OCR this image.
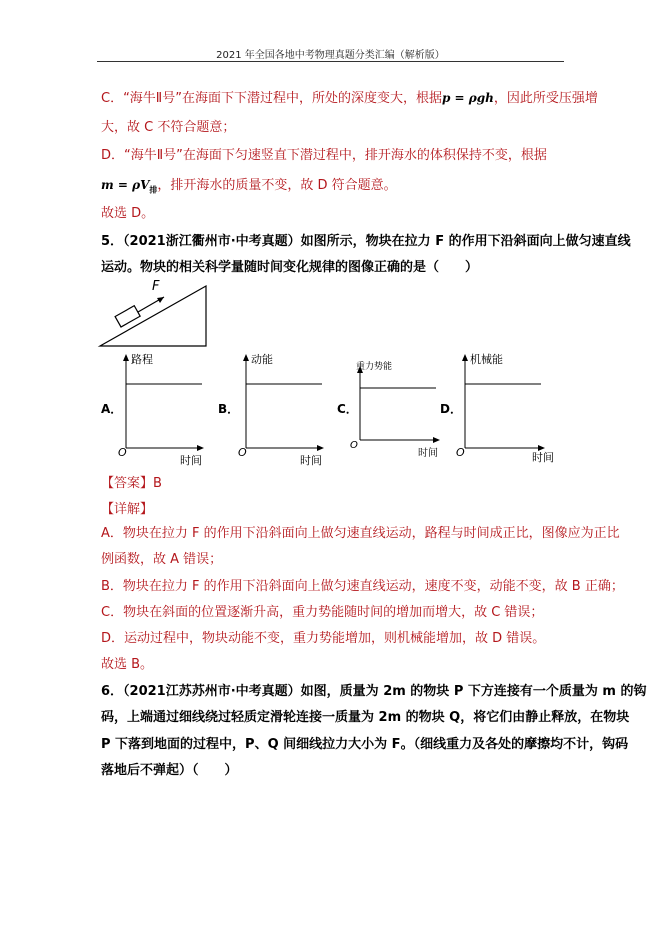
2021 年全国各地中考物理真题分类汇编（解析版）
C．“海牛Ⅱ号”在海面下下潜过程中，所处的深度变大，根据p = ρgh，因此所受压强增
大，故 C 不符合题意；
D．“海牛Ⅱ号”在海面下匀速竖直下潜过程中，排开海水的体积保持不变，根据
$m = \rho V_排$，排开海水的质量不变，故 D 符合题意。
故选 D。
5．（2021浙江衢州市·中考真题）如图所示，物块在拉力 F 的作用下沿斜面向上做匀速直线
运动。物块的相关科学量随时间变化规律的图像正确的是（　　）
F
A．
路程
O
时间
B．
动能
O
时间
C．
重力势能
O
时间
D．
机械能
O	时间
【答案】B
【详解】
A．物块在拉力 F 的作用下沿斜面向上做匀速直线运动，路程与时间成正比，图像应为正比
例函数，故 A 错误；
B．物块在拉力 F 的作用下沿斜面向上做匀速直线运动，速度不变，动能不变，故 B 正确；
C．物块在斜面的位置逐渐升高，重力势能随时间的增加而增大，故 C 错误；
D．运动过程中，物块动能不变，重力势能增加，则机械能增加，故 D 错误。
故选 B。
6．（2021江苏苏州市·中考真题）如图，质量为 2m 的物块 P 下方连接有一个质量为 m 的钩
码，上端通过细线绕过轻质定滑轮连接一质量为 2m 的物块 Q，将它们由静止释放，在物块
P 下落到地面的过程中，P、Q 间细线拉力大小为 F。（细线重力及各处的摩擦均不计，钩码
落地后不弹起）（　　）
